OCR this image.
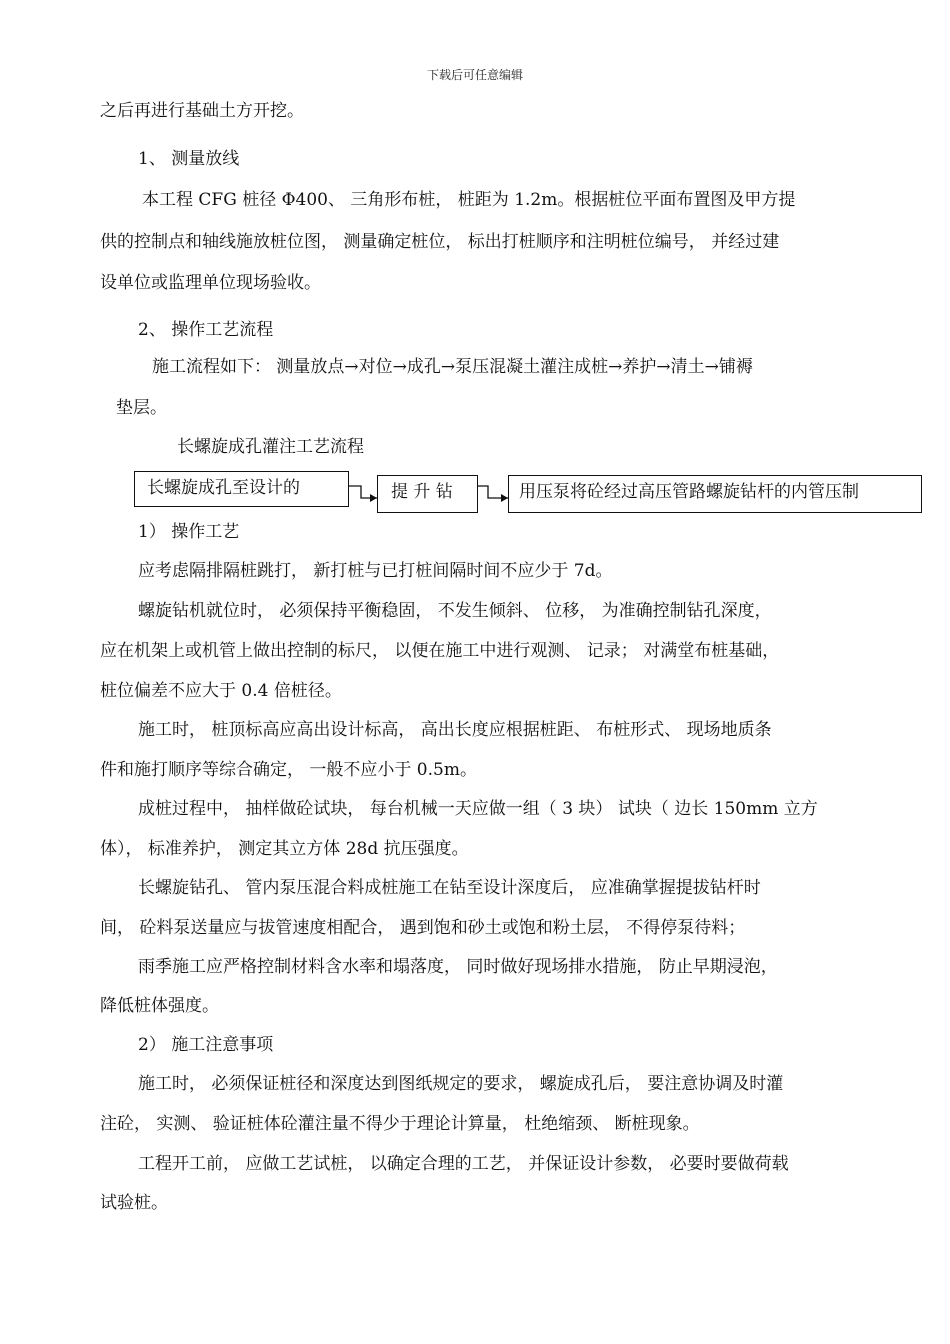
下载后可任意编辑
之后再进行基础土方开挖。
1、 测量放线
本工程 CFG 桩径 Φ400、 三角形布桩， 桩距为 1.2m。根据桩位平面布置图及甲方提
供的控制点和轴线施放桩位图， 测量确定桩位， 标出打桩顺序和注明桩位编号， 并经过建
设单位或监理单位现场验收。
2、 操作工艺流程
施工流程如下： 测量放点→对位→成孔→泵压混凝土灌注成桩→养护→清土→铺褥
垫层。
长螺旋成孔灌注工艺流程
长螺旋成孔至设计的	提 升 钻	用压泵将砼经过高压管路螺旋钻杆的内管压制
1） 操作工艺
应考虑隔排隔桩跳打， 新打桩与已打桩间隔时间不应少于 7d。
螺旋钻机就位时， 必须保持平衡稳固， 不发生倾斜、 位移， 为准确控制钻孔深度，
应在机架上或机管上做出控制的标尺， 以便在施工中进行观测、 记录； 对满堂布桩基础，
桩位偏差不应大于 0.4 倍桩径。
施工时， 桩顶标高应高出设计标高， 高出长度应根据桩距、 布桩形式、 现场地质条
件和施打顺序等综合确定， 一般不应小于 0.5m。
成桩过程中， 抽样做砼试块， 每台机械一天应做一组（ 3 块） 试块（ 边长 150mm 立方
体）， 标准养护， 测定其立方体 28d 抗压强度。
长螺旋钻孔、 管内泵压混合料成桩施工在钻至设计深度后， 应准确掌握提拔钻杆时
间， 砼料泵送量应与拔管速度相配合， 遇到饱和砂土或饱和粉土层， 不得停泵待料；
雨季施工应严格控制材料含水率和塌落度， 同时做好现场排水措施， 防止早期浸泡，
降低桩体强度。
2） 施工注意事项
施工时， 必须保证桩径和深度达到图纸规定的要求， 螺旋成孔后， 要注意协调及时灌
注砼， 实测、 验证桩体砼灌注量不得少于理论计算量， 杜绝缩颈、 断桩现象。
工程开工前， 应做工艺试桩， 以确定合理的工艺， 并保证设计参数， 必要时要做荷载
试验桩。
